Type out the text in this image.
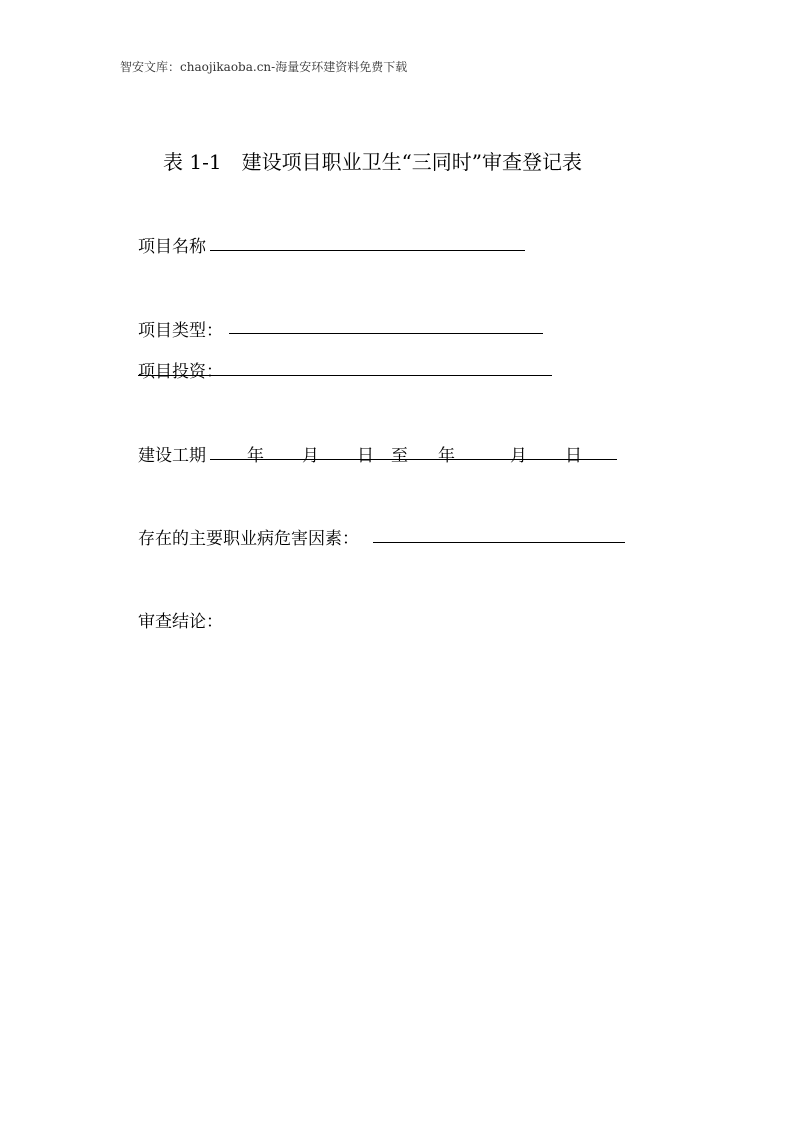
智安文库：chaojikaoba.cn-海量安环建资料免费下载
表 1-1　建设项目职业卫生“三同时”审查登记表
项目名称
项目类型：
项目投资：
建设工期 年 月 日 至 年	月 日
存在的主要职业病危害因素：
审查结论：
